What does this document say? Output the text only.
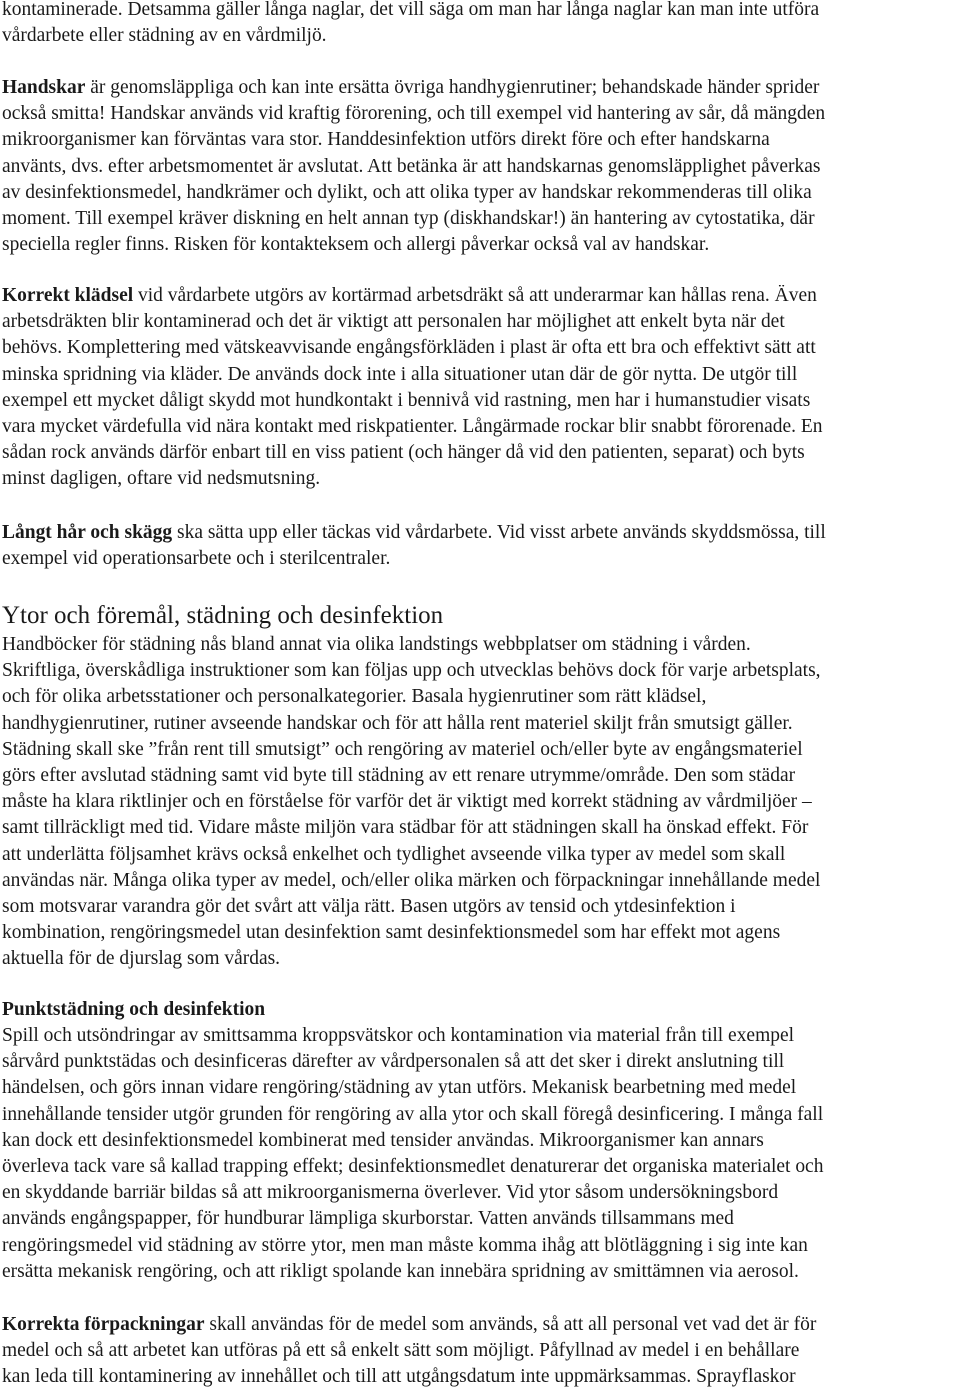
kontaminerade. Detsamma gäller långa naglar, det vill säga om man har långa naglar kan man inte utföra
vårdarbete eller städning av en vårdmiljö.

Handskar är genomsläppliga och kan inte ersätta övriga handhygienrutiner; behandskade händer sprider
också smitta! Handskar används vid kraftig förorening, och till exempel vid hantering av sår, då mängden
mikroorganismer kan förväntas vara stor. Handdesinfektion utförs direkt före och efter handskarna
använts, dvs. efter arbetsmomentet är avslutat. Att betänka är att handskarnas genomsläpplighet påverkas
av desinfektionsmedel, handkrämer och dylikt, och att olika typer av handskar rekommenderas till olika
moment. Till exempel kräver diskning en helt annan typ (diskhandskar!) än hantering av cytostatika, där
speciella regler finns. Risken för kontakteksem och allergi påverkar också val av handskar.

Korrekt klädsel vid vårdarbete utgörs av kortärmad arbetsdräkt så att underarmar kan hållas rena. Även
arbetsdräkten blir kontaminerad och det är viktigt att personalen har möjlighet att enkelt byta när det
behövs. Komplettering med vätskeavvisande engångsförkläden i plast är ofta ett bra och effektivt sätt att
minska spridning via kläder. De används dock inte i alla situationer utan där de gör nytta. De utgör till
exempel ett mycket dåligt skydd mot hundkontakt i bennivå vid rastning, men har i humanstudier visats
vara mycket värdefulla vid nära kontakt med riskpatienter. Långärmade rockar blir snabbt förorenade. En
sådan rock används därför enbart till en viss patient (och hänger då vid den patienten, separat) och byts
minst dagligen, oftare vid nedsmutsning.

Långt hår och skägg ska sätta upp eller täckas vid vårdarbete. Vid visst arbete används skyddsmössa, till
exempel vid operationsarbete och i sterilcentraler.

Ytor och föremål, städning och desinfektion

Handböcker för städning nås bland annat via olika landstings webbplatser om städning i vården.
Skriftliga, överskådliga instruktioner som kan följas upp och utvecklas behövs dock för varje arbetsplats,
och för olika arbetsstationer och personalkategorier. Basala hygienrutiner som rätt klädsel,
handhygienrutiner, rutiner avseende handskar och för att hålla rent materiel skiljt från smutsigt gäller.
Städning skall ske ”från rent till smutsigt” och rengöring av materiel och/eller byte av engångsmateriel
görs efter avslutad städning samt vid byte till städning av ett renare utrymme/område. Den som städar
måste ha klara riktlinjer och en förståelse för varför det är viktigt med korrekt städning av vårdmiljöer –
samt tillräckligt med tid. Vidare måste miljön vara städbar för att städningen skall ha önskad effekt. För
att underlätta följsamhet krävs också enkelhet och tydlighet avseende vilka typer av medel som skall
användas när. Många olika typer av medel, och/eller olika märken och förpackningar innehållande medel
som motsvarar varandra gör det svårt att välja rätt. Basen utgörs av tensid och ytdesinfektion i
kombination, rengöringsmedel utan desinfektion samt desinfektionsmedel som har effekt mot agens
aktuella för de djurslag som vårdas.

Punktstädning och desinfektion

Spill och utsöndringar av smittsamma kroppsvätskor och kontamination via material från till exempel
sårvård punktstädas och desinficeras därefter av vårdpersonalen så att det sker i direkt anslutning till
händelsen, och görs innan vidare rengöring/städning av ytan utförs. Mekanisk bearbetning med medel
innehållande tensider utgör grunden för rengöring av alla ytor och skall föregå desinficering. I många fall
kan dock ett desinfektionsmedel kombinerat med tensider användas. Mikroorganismer kan annars
överleva tack vare så kallad trapping effekt; desinfektionsmedlet denaturerar det organiska materialet och
en skyddande barriär bildas så att mikroorganismerna överlever. Vid ytor såsom undersökningsbord
används engångspapper, för hundburar lämpliga skurborstar. Vatten används tillsammans med
rengöringsmedel vid städning av större ytor, men man måste komma ihåg att blötläggning i sig inte kan
ersätta mekanisk rengöring, och att rikligt spolande kan innebära spridning av smittämnen via aerosol.

Korrekta förpackningar skall användas för de medel som används, så att all personal vet vad det är för
medel och så att arbetet kan utföras på ett så enkelt sätt som möjligt. Påfyllnad av medel i en behållare
kan leda till kontaminering av innehållet och till att utgångsdatum inte uppmärksammas. Sprayflaskor
